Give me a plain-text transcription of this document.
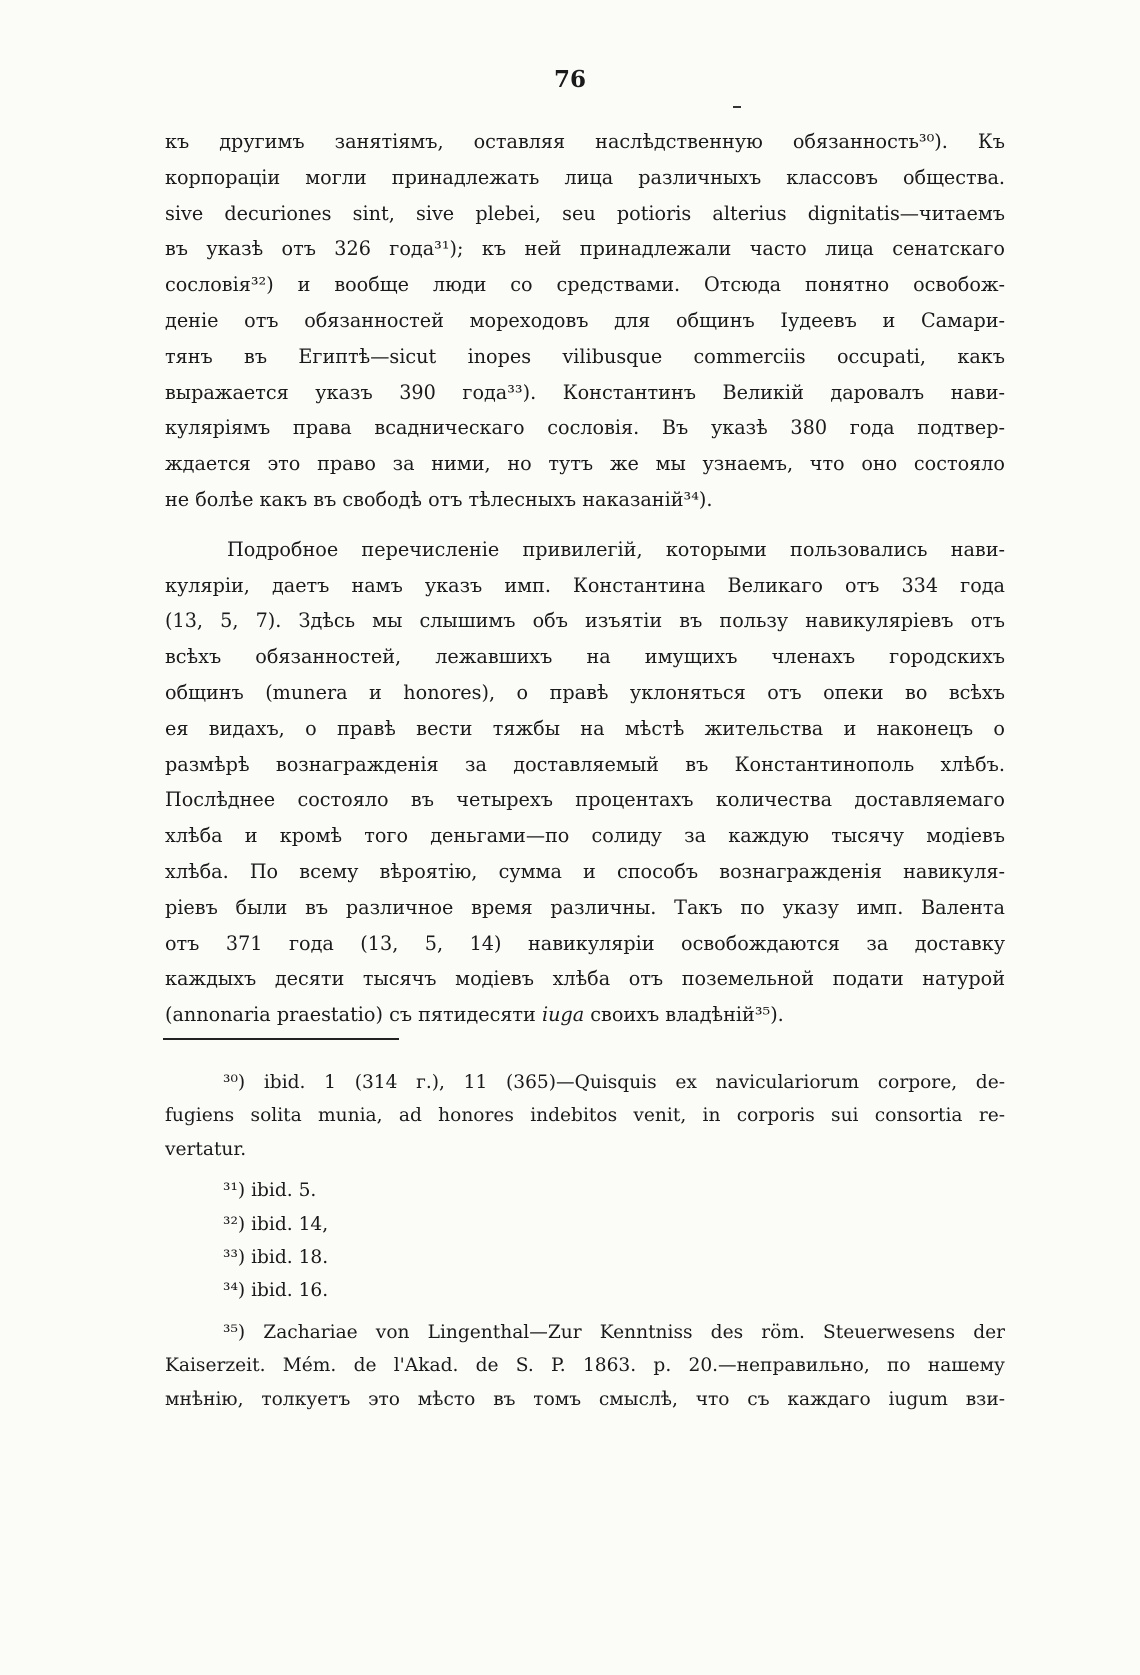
76
къ другимъ занятіямъ, оставляя наслѣдственную обязанность³⁰). Къ
корпораціи могли принадлежать лица различныхъ классовъ общества.
sive decuriones sint, sive plebei, seu potioris alterius dignitatis—читаемъ
въ указѣ отъ 326 года³¹); къ ней принадлежали часто лица сенатскаго
сословія³²) и вообще люди со средствами. Отсюда понятно освобож-
деніе отъ обязанностей мореходовъ для общинъ Іудеевъ и Самари-
тянъ въ Египтѣ—sicut inopes vilibusque commerciis occupati, какъ
выражается указъ 390 года³³). Константинъ Великій даровалъ нави-
кулярiямъ права всадническаго сословія. Въ указѣ 380 года подтвер-
ждается это право за ними, но тутъ же мы узнаемъ, что оно состояло
не болѣе какъ въ свободѣ отъ тѣлесныхъ наказаній³⁴).
Подробное перечисленіе привилегій, которыми пользовались нави-
куляріи, даетъ намъ указъ имп. Константина Великаго отъ 334 года
(13, 5, 7). Здѣсь мы слышимъ объ изъятіи въ пользу навикуляріевъ отъ
всѣхъ обязанностей, лежавшихъ на имущихъ членахъ городскихъ
общинъ (munera и honores), о правѣ уклоняться отъ опеки во всѣхъ
ея видахъ, о правѣ вести тяжбы на мѣстѣ жительства и наконецъ о
размѣрѣ вознагражденія за доставляемый въ Константинополь хлѣбъ.
Послѣднее состояло въ четырехъ процентахъ количества доставляемаго
хлѣба и кромѣ того деньгами—по солиду за каждую тысячу модіевъ
хлѣба. По всему вѣроятію, сумма и способъ вознагражденія навикуля-
ріевъ были въ различное время различны. Такъ по указу имп. Валента
отъ 371 года (13, 5, 14) навикуляріи освобождаются за доставку
каждыхъ десяти тысячъ модіевъ хлѣба отъ поземельной подати натурой
(annonaria praestatio) съ пятидесяти iuga своихъ владѣній³⁵).
³⁰) ibid. 1 (314 г.), 11 (365)—Quisquis ex naviculariorum corpore, de-
fugiens solita munia, ad honores indebitos venit, in corporis sui consortia re-
vertatur.
³¹) ibid. 5.
³²) ibid. 14,
³³) ibid. 18.
³⁴) ibid. 16.
³⁵) Zachariae von Lingenthal—Zur Kenntniss des röm. Steuerwesens der
Kaiserzeit. Mém. de l'Akad. de S. P. 1863. p. 20.—неправильно, по нашему
мнѣнію, толкуетъ это мѣсто въ томъ смыслѣ, что съ каждаго iugum взи-
